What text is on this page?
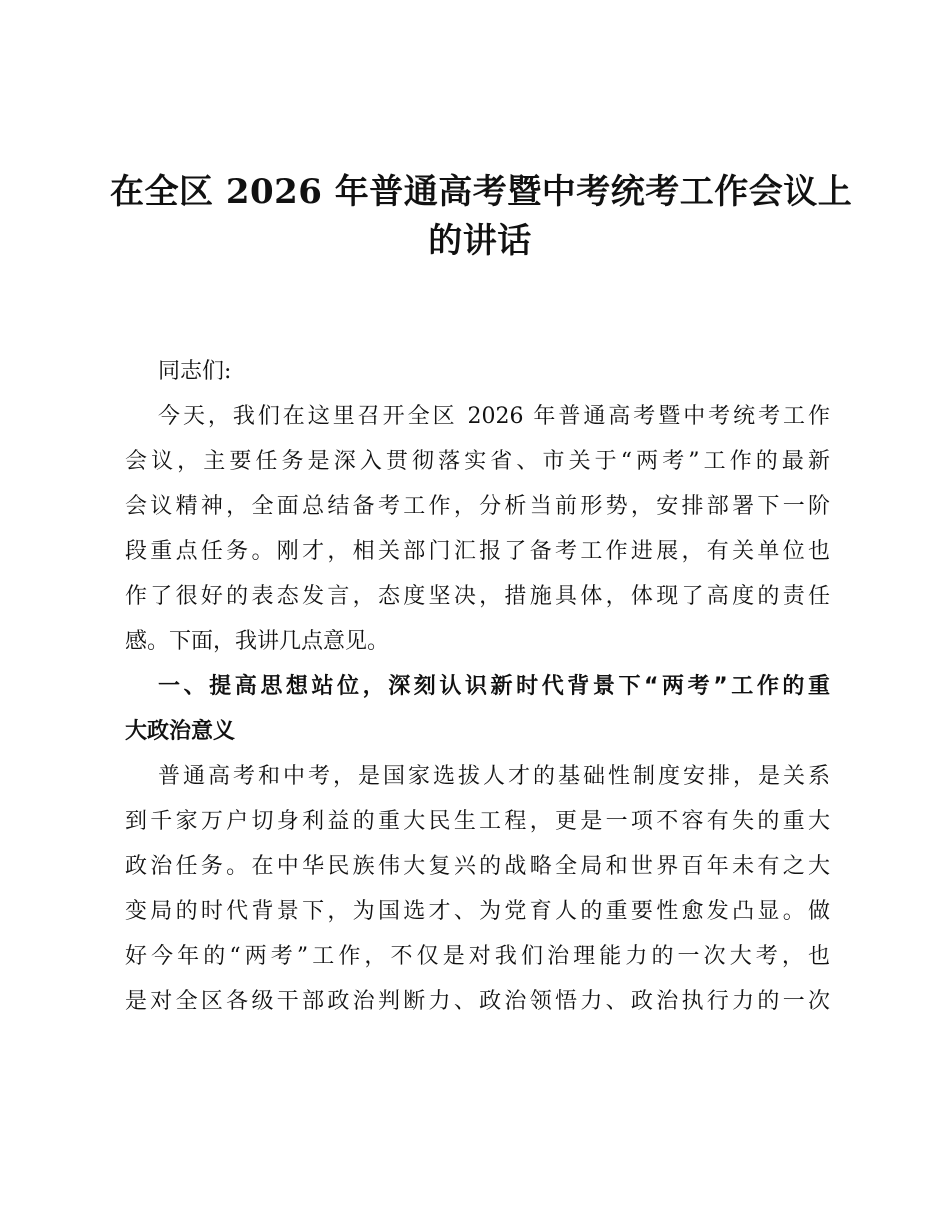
在全区 2026 年普通高考暨中考统考工作会议上
的讲话
同志们:
今天，我们在这里召开全区 2026 年普通高考暨中考统考工作
会议，主要任务是深入贯彻落实省、市关于“两考”工作的最新
会议精神，全面总结备考工作，分析当前形势，安排部署下一阶
段重点任务。刚才，相关部门汇报了备考工作进展，有关单位也
作了很好的表态发言，态度坚决，措施具体，体现了高度的责任
感。下面，我讲几点意见。
一、提高思想站位，深刻认识新时代背景下“两考”工作的重
大政治意义
普通高考和中考，是国家选拔人才的基础性制度安排，是关系
到千家万户切身利益的重大民生工程，更是一项不容有失的重大
政治任务。在中华民族伟大复兴的战略全局和世界百年未有之大
变局的时代背景下，为国选才、为党育人的重要性愈发凸显。做
好今年的“两考”工作，不仅是对我们治理能力的一次大考，也
是对全区各级干部政治判断力、政治领悟力、政治执行力的一次
